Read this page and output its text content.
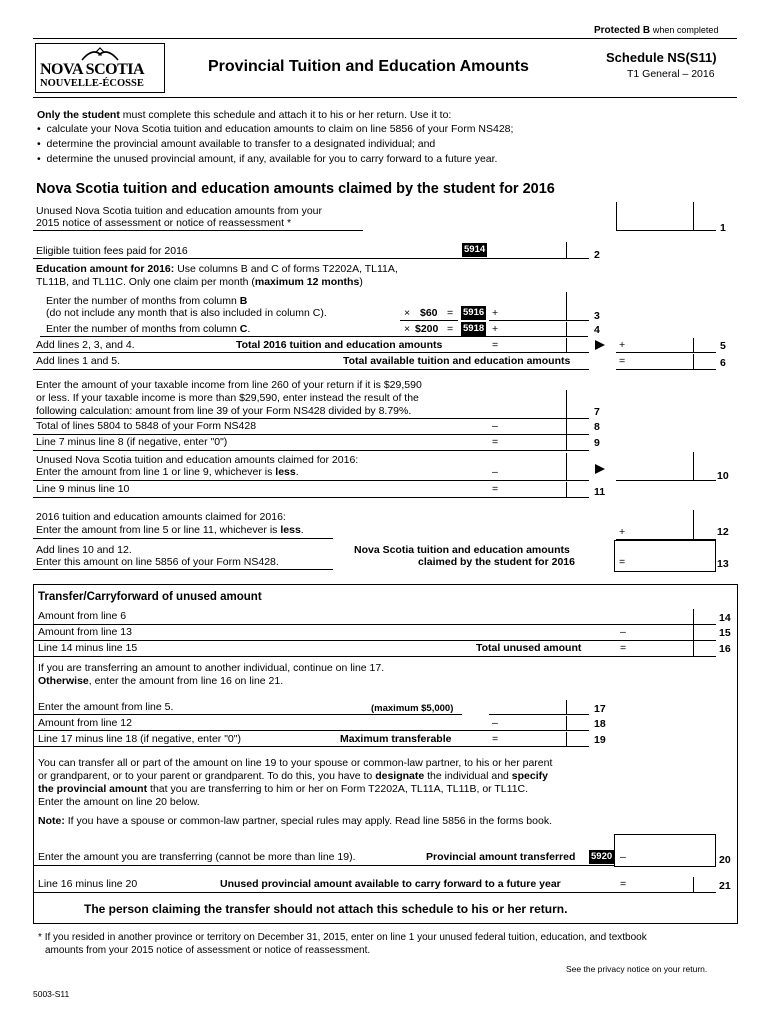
Protected B when completed
NOVA SCOTIA
NOUVELLE-ÉCOSSE
Provincial Tuition and Education Amounts
Schedule NS(S11)
T1 General – 2016
Only the student must complete this schedule and attach it to his or her return. Use it to:
•  calculate your Nova Scotia tuition and education amounts to claim on line 5856 of your Form NS428;
•  determine the provincial amount available to transfer to a designated individual; and
•  determine the unused provincial amount, if any, available for you to carry forward to a future year.
Nova Scotia tuition and education amounts claimed by the student for 2016
Unused Nova Scotia tuition and education amounts from your
2015 notice of assessment or notice of reassessment *	1
Eligible tuition fees paid for 2016	5914	2
Education amount for 2016: Use columns B and C of forms T2202A, TL11A,
TL11B, and TL11C. Only one claim per month (maximum 12 months)
Enter the number of months from column B
(do not include any month that is also included in column C).	× $60 = 5916 +	3
Enter the number of months from column C.	× $200 = 5918 +	4
Add lines 2, 3, and 4.	Total 2016 tuition and education amounts	=	+	5
Add lines 1 and 5.	Total available tuition and education amounts	=	6
Enter the amount of your taxable income from line 260 of your return if it is $29,590
or less. If your taxable income is more than $29,590, enter instead the result of the
following calculation: amount from line 39 of your Form NS428 divided by 8.79%.	7
Total of lines 5804 to 5848 of your Form NS428	–	8
Line 7 minus line 8 (if negative, enter "0")	=	9
Unused Nova Scotia tuition and education amounts claimed for 2016:
Enter the amount from line 1 or line 9, whichever is less.	–	10
Line 9 minus line 10	=	11
2016 tuition and education amounts claimed for 2016:
Enter the amount from line 5 or line 11, whichever is less.	+	12
Add lines 10 and 12.
Enter this amount on line 5856 of your Form NS428.
Nova Scotia tuition and education amounts
claimed by the student for 2016	=	13
Transfer/Carryforward of unused amount
Amount from line 6	14
Amount from line 13	–	15
Line 14 minus line 15	Total unused amount	=	16
If you are transferring an amount to another individual, continue on line 17.
Otherwise, enter the amount from line 16 on line 21.
Enter the amount from line 5.	(maximum $5,000)	17
Amount from line 12	–	18
Line 17 minus line 18 (if negative, enter "0")	Maximum transferable	=	19
You can transfer all or part of the amount on line 19 to your spouse or common-law partner, to his or her parent
or grandparent, or to your parent or grandparent. To do this, you have to designate the individual and specify
the provincial amount that you are transferring to him or her on Form T2202A, TL11A, TL11B, or TL11C.
Enter the amount on line 20 below.
Note: If you have a spouse or common-law partner, special rules may apply. Read line 5856 in the forms book.
Enter the amount you are transferring (cannot be more than line 19).	Provincial amount transferred 5920 –	20
Line 16 minus line 20	Unused provincial amount available to carry forward to a future year	=	21
The person claiming the transfer should not attach this schedule to his or her return.
* If you resided in another province or territory on December 31, 2015, enter on line 1 your unused federal tuition, education, and textbook
amounts from your 2015 notice of assessment or notice of reassessment.
See the privacy notice on your return.
5003-S11
